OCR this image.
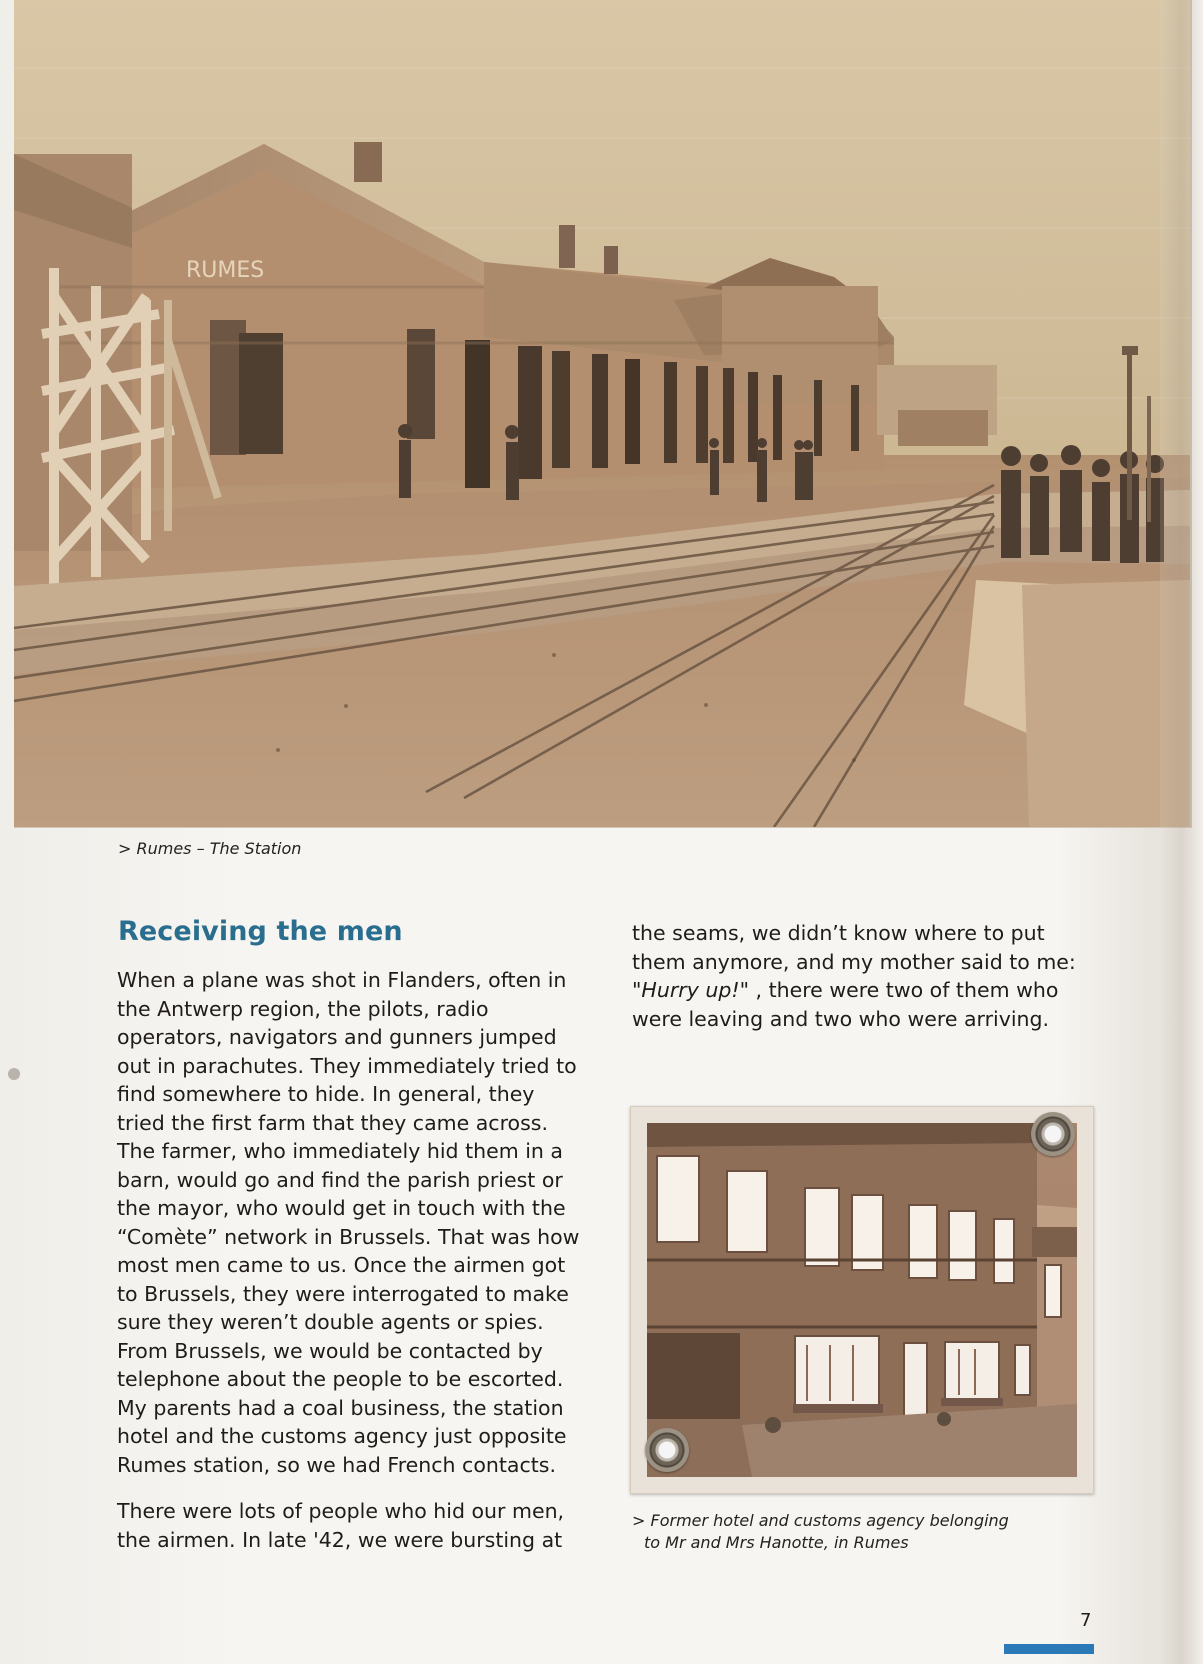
RUMES
> Rumes – The Station
Receiving the men

When a plane was shot in Flanders, often in the Antwerp region, the pilots, radio operators, navigators and gunners jumped out in parachutes. They immediately tried to find somewhere to hide. In general, they tried the first farm that they came across. The farmer, who immediately hid them in a barn, would go and find the parish priest or the mayor, who would get in touch with the “Comète” network in Brussels. That was how most men came to us. Once the airmen got to Brussels, they were interrogated to make sure they weren’t double agents or spies. From Brussels, we would be contacted by telephone about the people to be escorted. My parents had a coal business, the station hotel and the customs agency just opposite Rumes station, so we had French contacts.

There were lots of people who hid our men, the airmen. In late '42, we were bursting at

the seams, we didn’t know where to put them anymore, and my mother said to me: "Hurry up!" , there were two of them who were leaving and two who were arriving.

> Former hotel and customs agency belonging
to Mr and Mrs Hanotte, in Rumes
7
